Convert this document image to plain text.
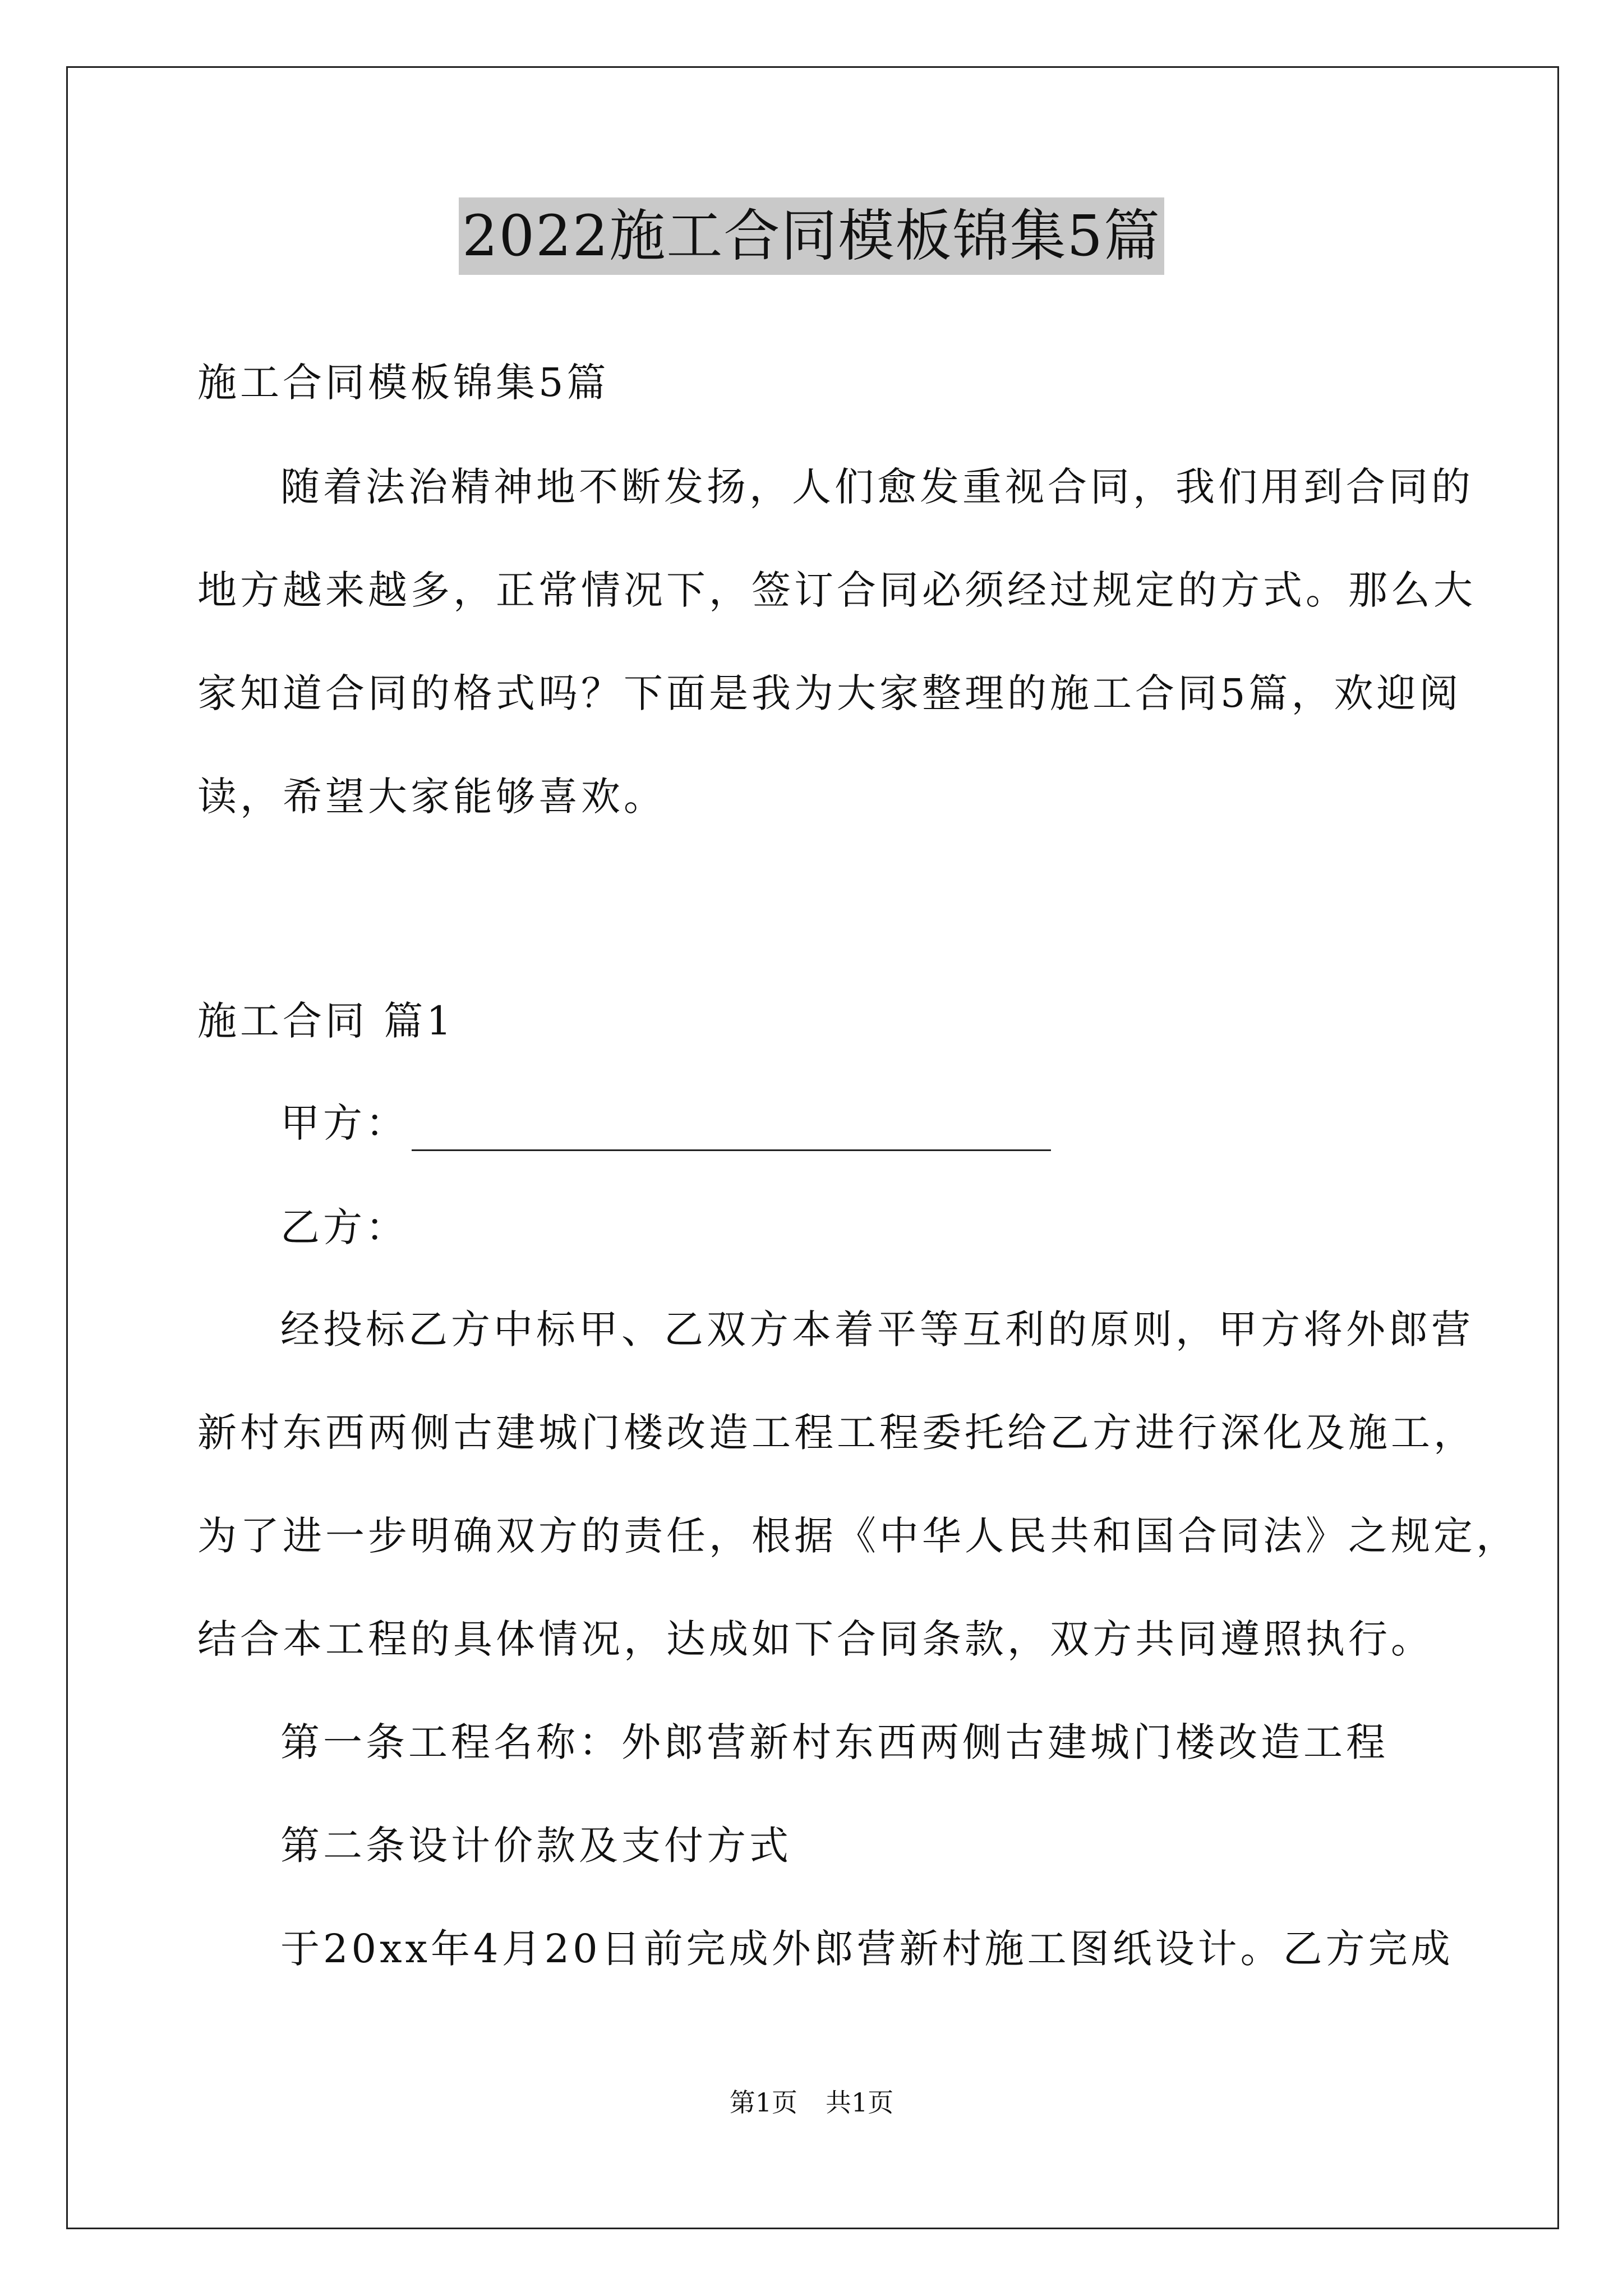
2022施工合同模板锦集5篇
施工合同模板锦集5篇
随着法治精神地不断发扬，人们愈发重视合同，我们用到合同的
地方越来越多，正常情况下，签订合同必须经过规定的方式。那么大
家知道合同的格式吗？下面是我为大家整理的施工合同5篇，欢迎阅
读，希望大家能够喜欢。
施工合同 篇1
甲方：
乙方：
经投标乙方中标甲、乙双方本着平等互利的原则，甲方将外郎营
新村东西两侧古建城门楼改造工程工程委托给乙方进行深化及施工，
为了进一步明确双方的责任，根据《中华人民共和国合同法》之规定，
结合本工程的具体情况，达成如下合同条款，双方共同遵照执行。
第一条工程名称：外郎营新村东西两侧古建城门楼改造工程
第二条设计价款及支付方式
于20xx年4月20日前完成外郎营新村施工图纸设计。乙方完成
第1页 共1页
